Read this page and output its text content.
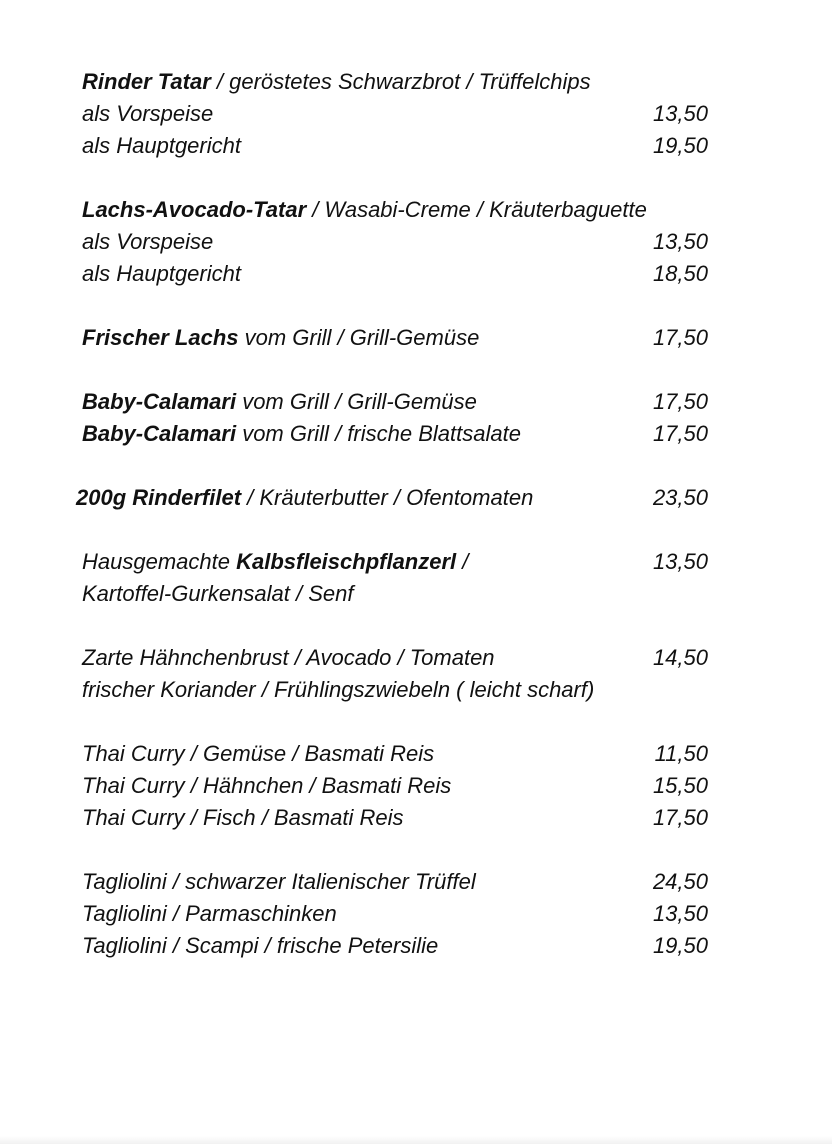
Rinder Tatar / geröstetes Schwarzbrot / Trüffelchips
als Vorspeise	13,50
als Hauptgericht	19,50
Lachs-Avocado-Tatar / Wasabi-Creme / Kräuterbaguette
als Vorspeise	13,50
als Hauptgericht	18,50
Frischer Lachs vom Grill / Grill-Gemüse	17,50
Baby-Calamari vom Grill / Grill-Gemüse	17,50
Baby-Calamari vom Grill / frische Blattsalate	17,50
200g Rinderfilet / Kräuterbutter / Ofentomaten	23,50
Hausgemachte Kalbsfleischpflanzerl /	13,50
Kartoffel-Gurkensalat / Senf
Zarte Hähnchenbrust / Avocado / Tomaten	14,50
frischer Koriander / Frühlingszwiebeln ( leicht scharf)
Thai Curry / Gemüse / Basmati Reis	11,50
Thai Curry / Hähnchen / Basmati Reis	15,50
Thai Curry / Fisch / Basmati Reis	17,50
Tagliolini / schwarzer Italienischer Trüffel	24,50
Tagliolini / Parmaschinken	13,50
Tagliolini / Scampi / frische Petersilie	19,50
